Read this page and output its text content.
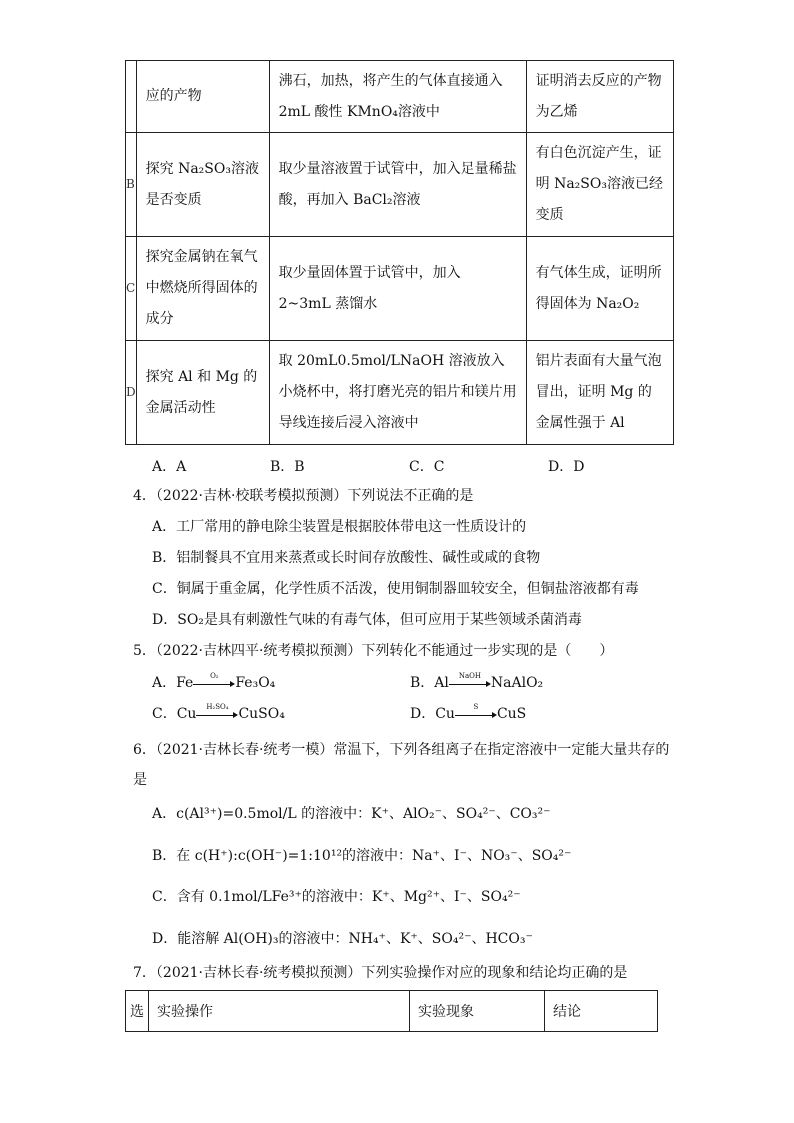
	应的产物	沸石，加热，将产生的气体直接通入 2mL 酸性 KMnO₄溶液中	证明消去反应的产物为乙烯
B	探究 Na₂SO₃溶液是否变质	取少量溶液置于试管中，加入足量稀盐酸，再加入 BaCl₂溶液	有白色沉淀产生，证明 Na₂SO₃溶液已经变质
C	探究金属钠在氧气中燃烧所得固体的成分	取少量固体置于试管中，加入 2~3mL 蒸馏水	有气体生成，证明所得固体为 Na₂O₂
D	探究 Al 和 Mg 的金属活动性	取 20mL0.5mol/LNaOH 溶液放入小烧杯中，将打磨光亮的铝片和镁片用导线连接后浸入溶液中	铝片表面有大量气泡冒出，证明 Mg 的金属性强于 Al
A．A	B．B	C．C	D．D
4．（2022·吉林·校联考模拟预测）下列说法不正确的是
A．工厂常用的静电除尘装置是根据胶体带电这一性质设计的
B．铝制餐具不宜用来蒸煮或长时间存放酸性、碱性或咸的食物
C．铜属于重金属，化学性质不活泼，使用铜制器皿较安全，但铜盐溶液都有毒
D．SO₂是具有刺激性气味的有毒气体，但可应用于某些领域杀菌消毒
5．（2022·吉林四平·统考模拟预测）下列转化不能通过一步实现的是（　　）
A．Fe	O₂	Fe₃O₄	B．Al	NaOH NaAlO₂
C．Cu	H₂SO₄ CuSO₄	D．Cu	S	CuS
6．（2021·吉林长春·统考一模）常温下，下列各组离子在指定溶液中一定能大量共存的是
A．c(Al³⁺)=0.5mol/L 的溶液中：K⁺、AlO₂⁻、SO₄²⁻、CO₃²⁻
B．在 c(H⁺):c(OH⁻)=1:10¹²的溶液中：Na⁺、I⁻、NO₃⁻、SO₄²⁻
C．含有 0.1mol/LFe³⁺的溶液中：K⁺、Mg²⁺、I⁻、SO₄²⁻
D．能溶解 Al(OH)₃的溶液中：NH₄⁺、K⁺、SO₄²⁻、HCO₃⁻
7．（2021·吉林长春·统考模拟预测）下列实验操作对应的现象和结论均正确的是
选	实验操作	实验现象	结论
